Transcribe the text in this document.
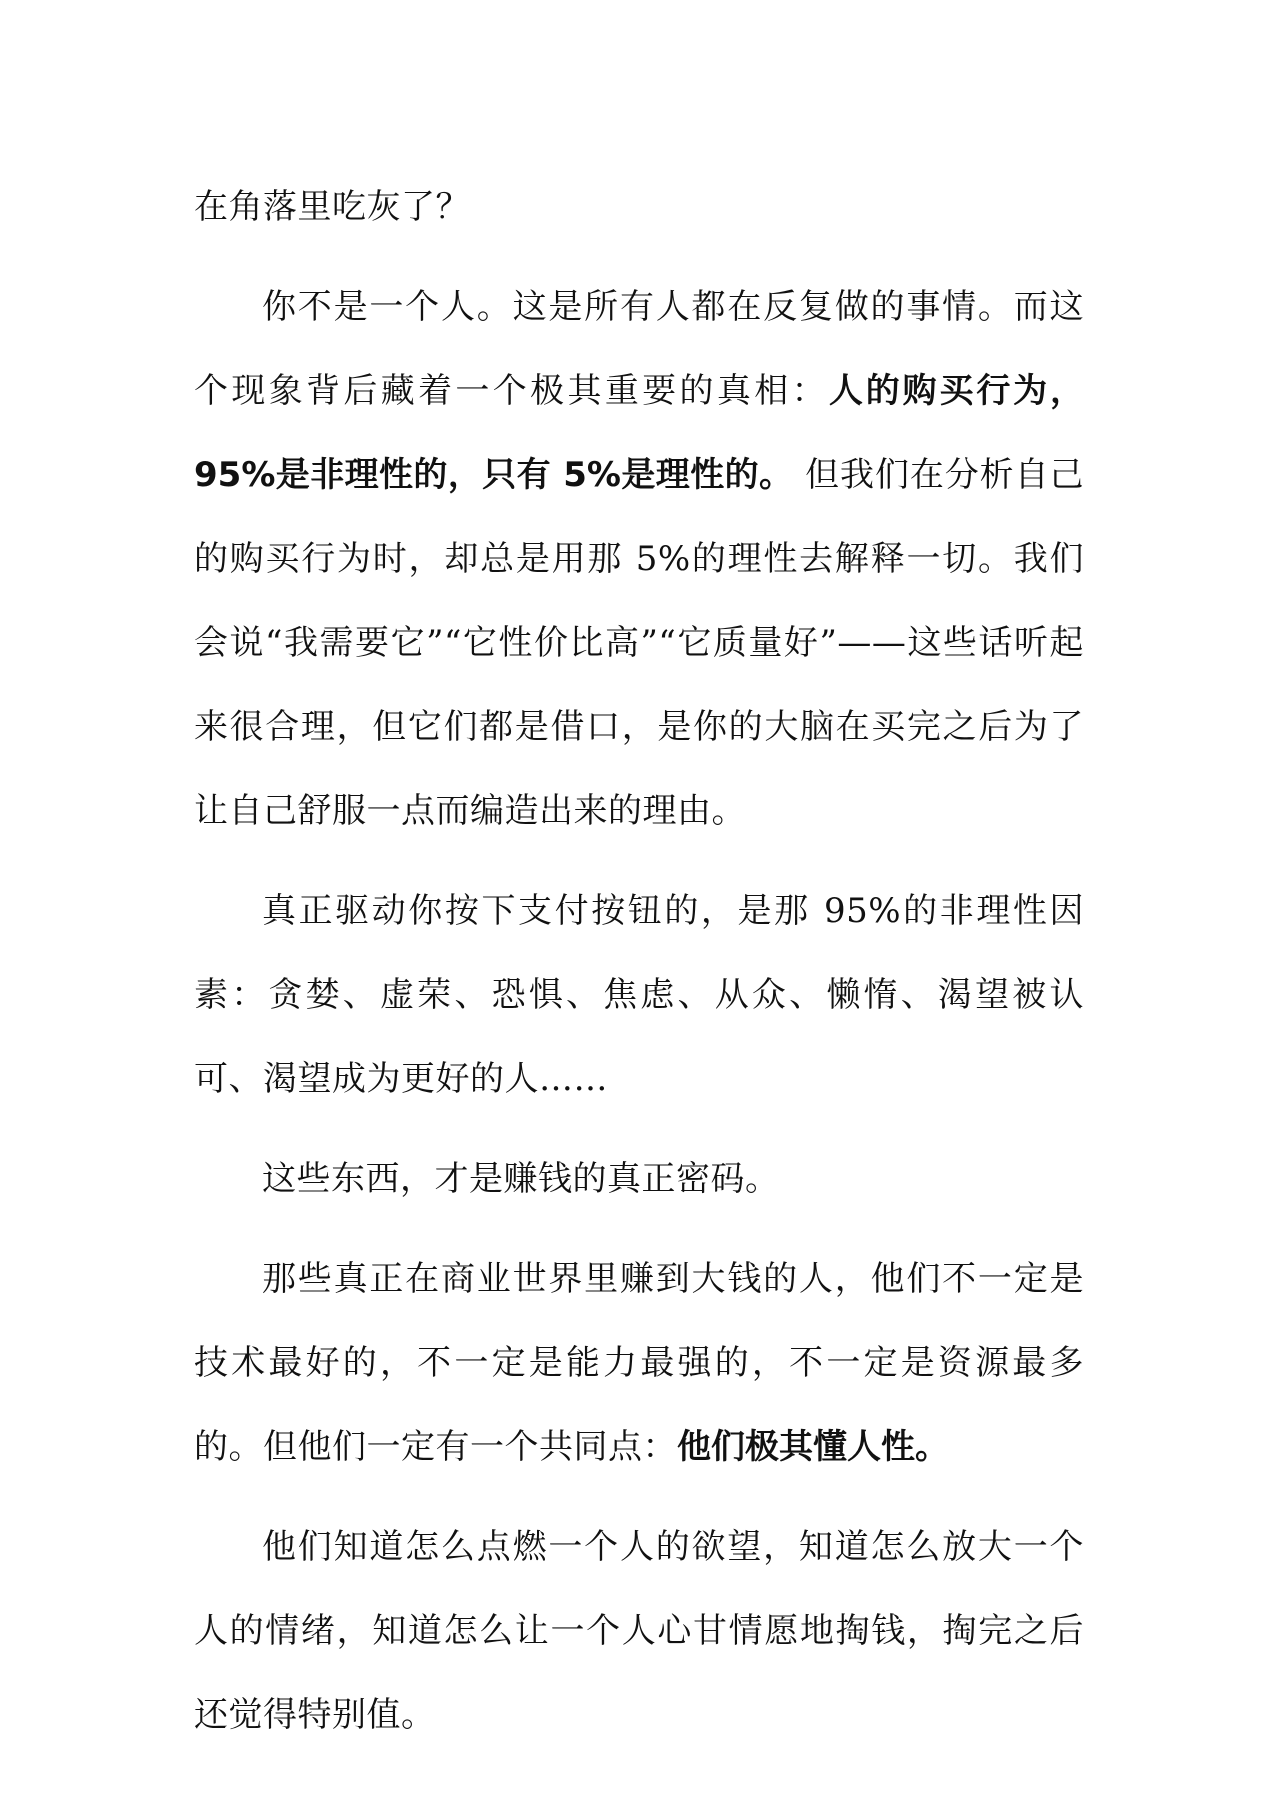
在角落里吃灰了？

你不是一个人。这是所有人都在反复做的事情。而这个现象背后藏着一个极其重要的真相：人的购买行为，95%是非理性的，只有 5%是理性的。 但我们在分析自己的购买行为时，却总是用那 5%的理性去解释一切。我们会说“我需要它”“它性价比高”“它质量好”——这些话听起来很合理，但它们都是借口，是你的大脑在买完之后为了让自己舒服一点而编造出来的理由。

真正驱动你按下支付按钮的，是那 95%的非理性因素：贪婪、虚荣、恐惧、焦虑、从众、懒惰、渴望被认可、渴望成为更好的人……

这些东西，才是赚钱的真正密码。

那些真正在商业世界里赚到大钱的人，他们不一定是技术最好的，不一定是能力最强的，不一定是资源最多的。但他们一定有一个共同点：他们极其懂人性。

他们知道怎么点燃一个人的欲望，知道怎么放大一个人的情绪，知道怎么让一个人心甘情愿地掏钱，掏完之后还觉得特别值。
